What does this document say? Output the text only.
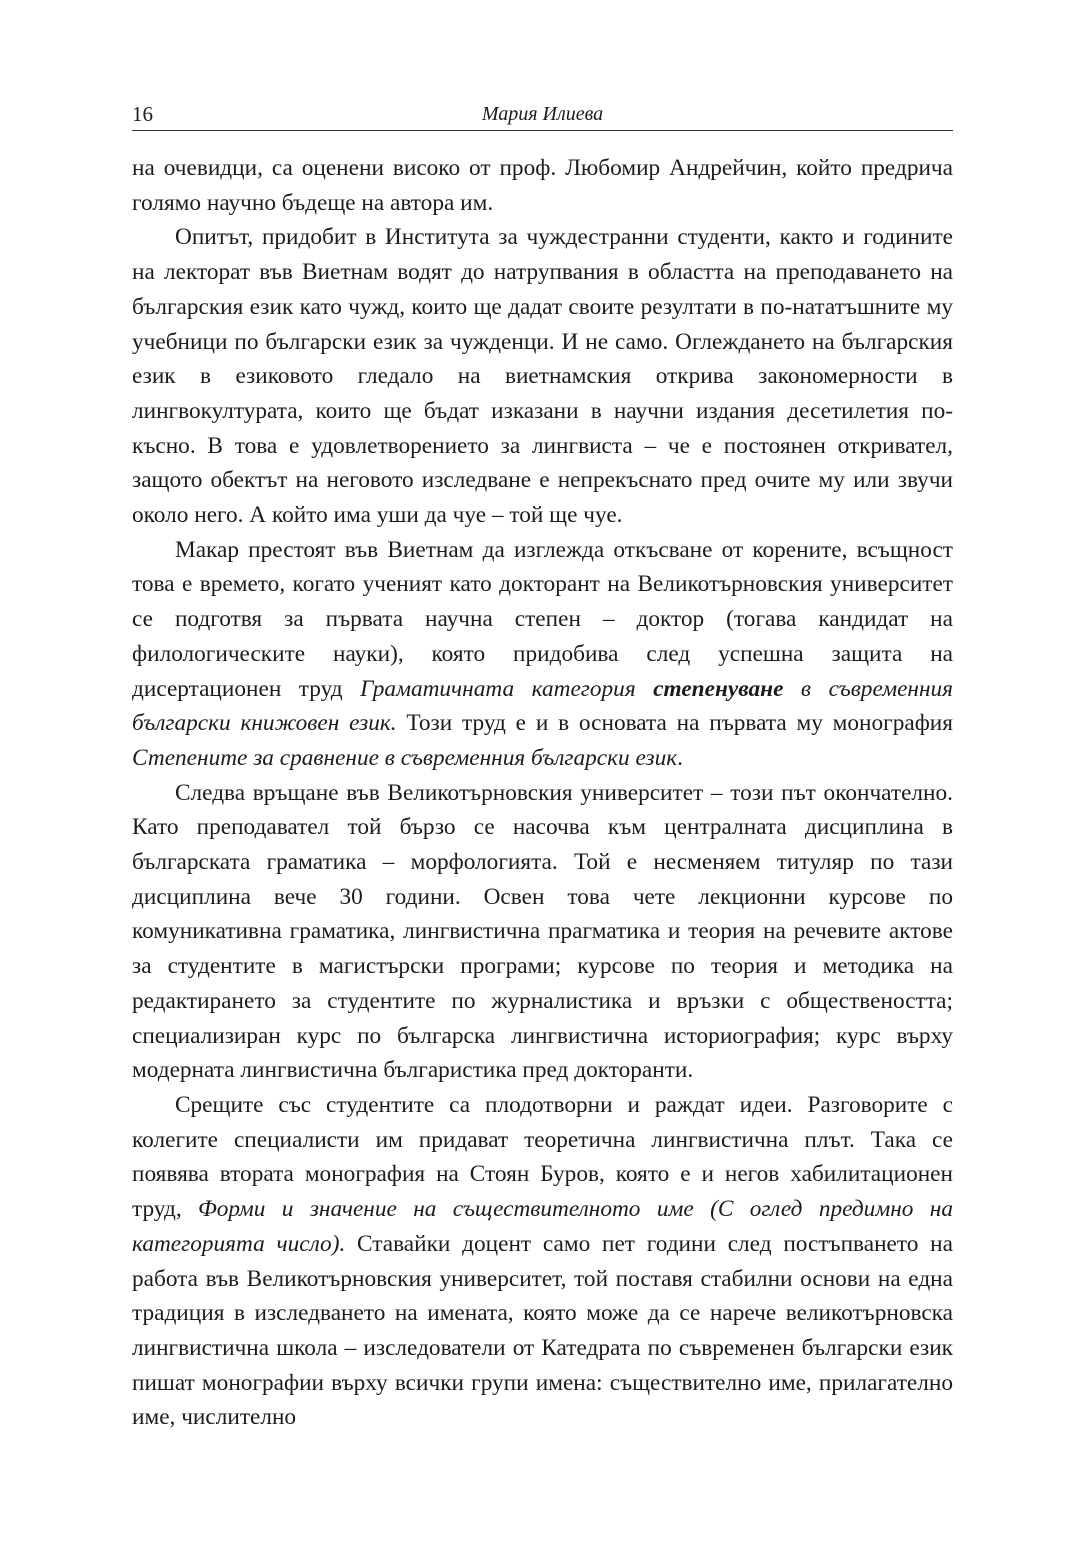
16	Мария Илиева

на очевидци, са оценени високо от проф. Любомир Андрейчин, който предрича голямо научно бъдеще на автора им.

Опитът, придобит в Института за чуждестранни студенти, както и годините на лекторат във Виетнам водят до натрупвания в областта на преподаването на българския език като чужд, които ще дадат своите резултати в по-нататъшните му учебници по български език за чужденци. И не само. Оглеждането на българския език в езиковото гледало на виетнамския открива закономерности в лингвокултурата, които ще бъдат изказани в научни издания десетилетия по-късно. В това е удовлетворението за лингвиста – че е постоянен откривател, защото обектът на неговото изследване е непрекъснато пред очите му или звучи около него. А който има уши да чуе – той ще чуе.

Макар престоят във Виетнам да изглежда откъсване от корените, всъщност това е времето, когато ученият като докторант на Великотърновския университет се подготвя за първата научна степен – доктор (тогава кандидат на филологическите науки), която придобива след успешна защита на дисертационен труд Граматичната категория степенуване в съвременния български книжовен език. Този труд е и в основата на първата му монография Степените за сравнение в съвременния български език.

Следва връщане във Великотърновския университет – този път окончателно. Като преподавател той бързо се насочва към централната дисциплина в българската граматика – морфологията. Той е несменяем титуляр по тази дисциплина вече 30 години. Освен това чете лекционни курсове по комуникативна граматика, лингвистична прагматика и теория на речевите актове за студентите в магистърски програми; курсове по теория и методика на редактирането за студентите по журналистика и връзки с обществеността; специализиран курс по българска лингвистична историография; курс върху модерната лингвистична българистика пред докторанти.

Срещите със студентите са плодотворни и раждат идеи. Разговорите с колегите специалисти им придават теоретична лингвистична плът. Така се появява втората монография на Стоян Буров, която е и негов хабилитационен труд, Форми и значение на съществителното име (С оглед предимно на категорията число). Ставайки доцент само пет години след постъпването на работа във Великотърновския университет, той поставя стабилни основи на една традиция в изследването на имената, която може да се нарече великотърновска лингвистична школа – изследователи от Катедрата по съвременен български език пишат монографии върху всички групи имена: съществително име, прилагателно име, числително
